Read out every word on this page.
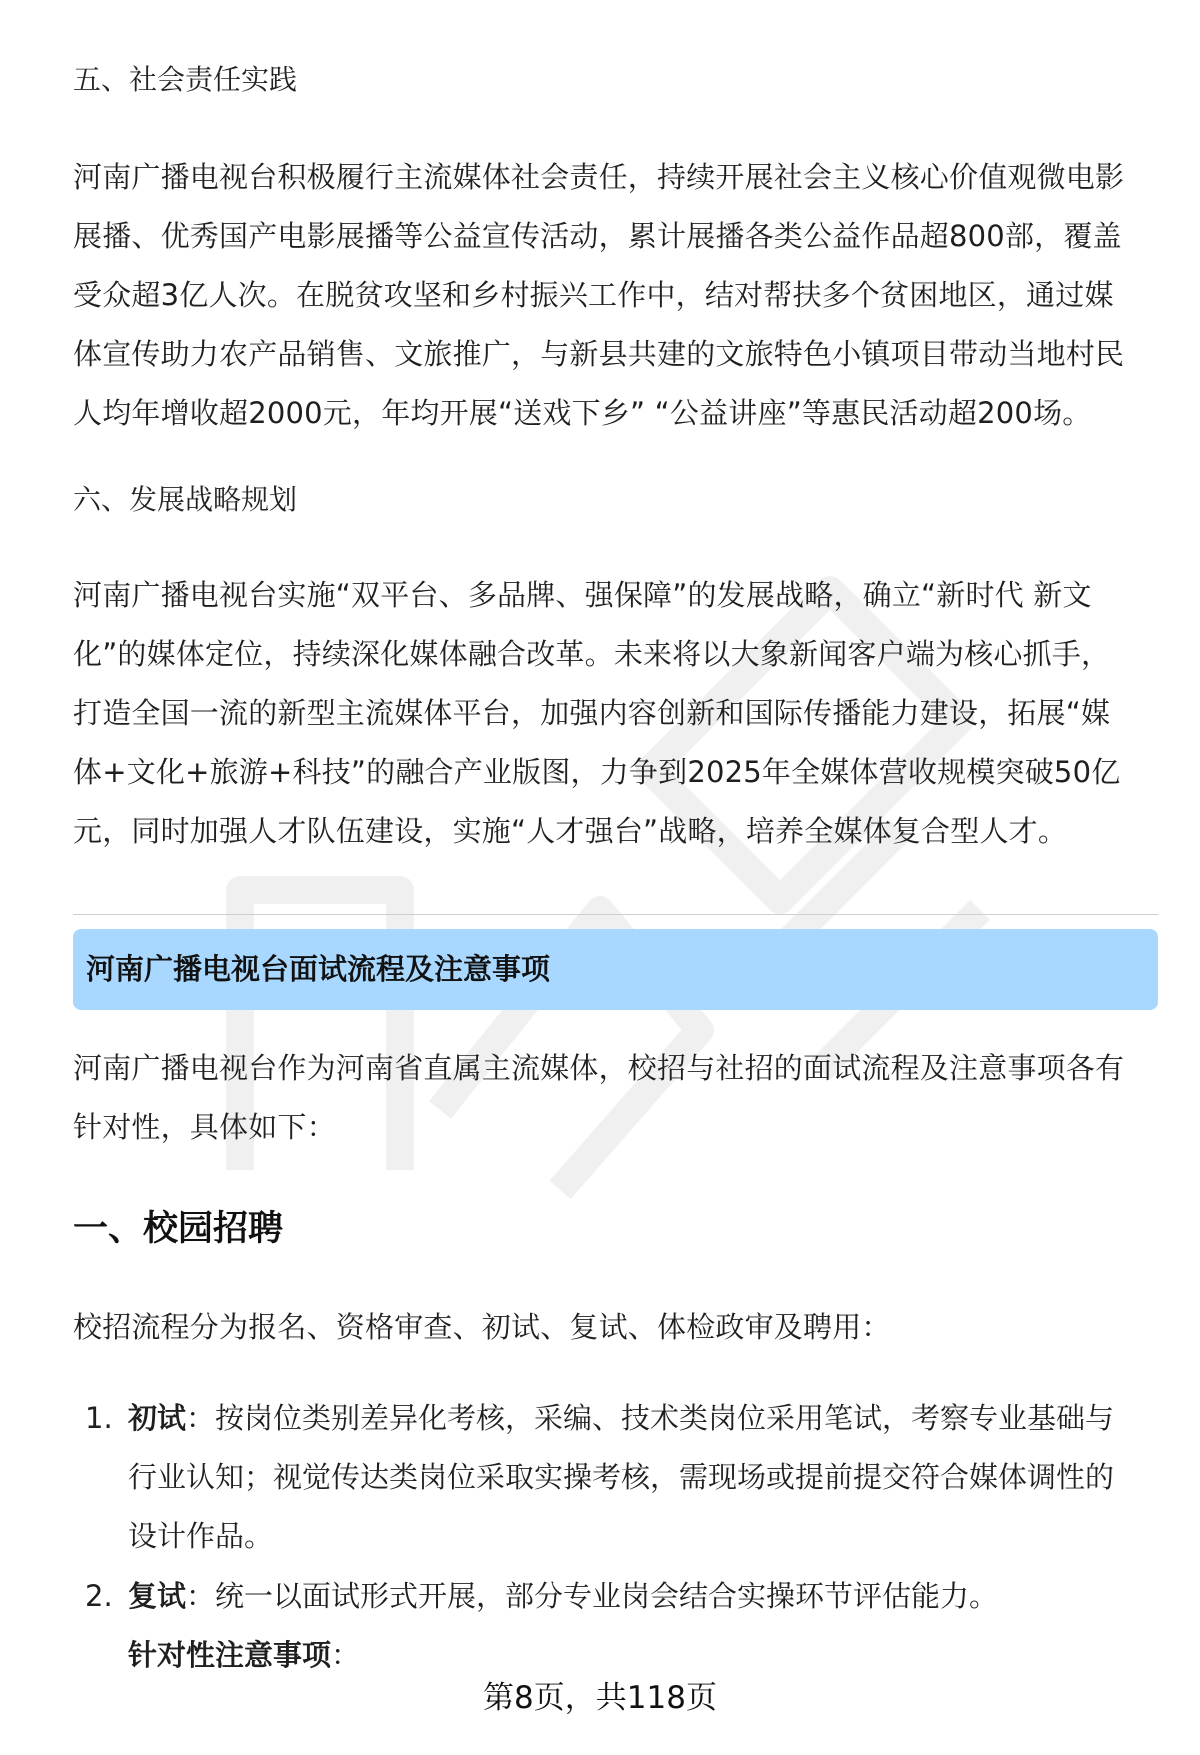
五、社会责任实践
河南广播电视台积极履行主流媒体社会责任，持续开展社会主义核心价值观微电影
展播、优秀国产电影展播等公益宣传活动，累计展播各类公益作品超800部，覆盖
受众超3亿人次。在脱贫攻坚和乡村振兴工作中，结对帮扶多个贫困地区，通过媒
体宣传助力农产品销售、文旅推广，与新县共建的文旅特色小镇项目带动当地村民
人均年增收超2000元，年均开展“送戏下乡” “公益讲座”等惠民活动超200场。
六、发展战略规划
河南广播电视台实施“双平台、多品牌、强保障”的发展战略，确立“新时代 新文
化”的媒体定位，持续深化媒体融合改革。未来将以大象新闻客户端为核心抓手，
打造全国一流的新型主流媒体平台，加强内容创新和国际传播能力建设，拓展“媒
体+文化+旅游+科技”的融合产业版图，力争到2025年全媒体营收规模突破50亿
元，同时加强人才队伍建设，实施“人才强台”战略，培养全媒体复合型人才。
河南广播电视台面试流程及注意事项
河南广播电视台作为河南省直属主流媒体，校招与社招的面试流程及注意事项各有
针对性，具体如下：
一、校园招聘
校招流程分为报名、资格审查、初试、复试、体检政审及聘用：
1. 初试：按岗位类别差异化考核，采编、技术类岗位采用笔试，考察专业基础与
行业认知；视觉传达类岗位采取实操考核，需现场或提前提交符合媒体调性的
设计作品。
2. 复试：统一以面试形式开展，部分专业岗会结合实操环节评估能力。
针对性注意事项：
第8页，共118页
